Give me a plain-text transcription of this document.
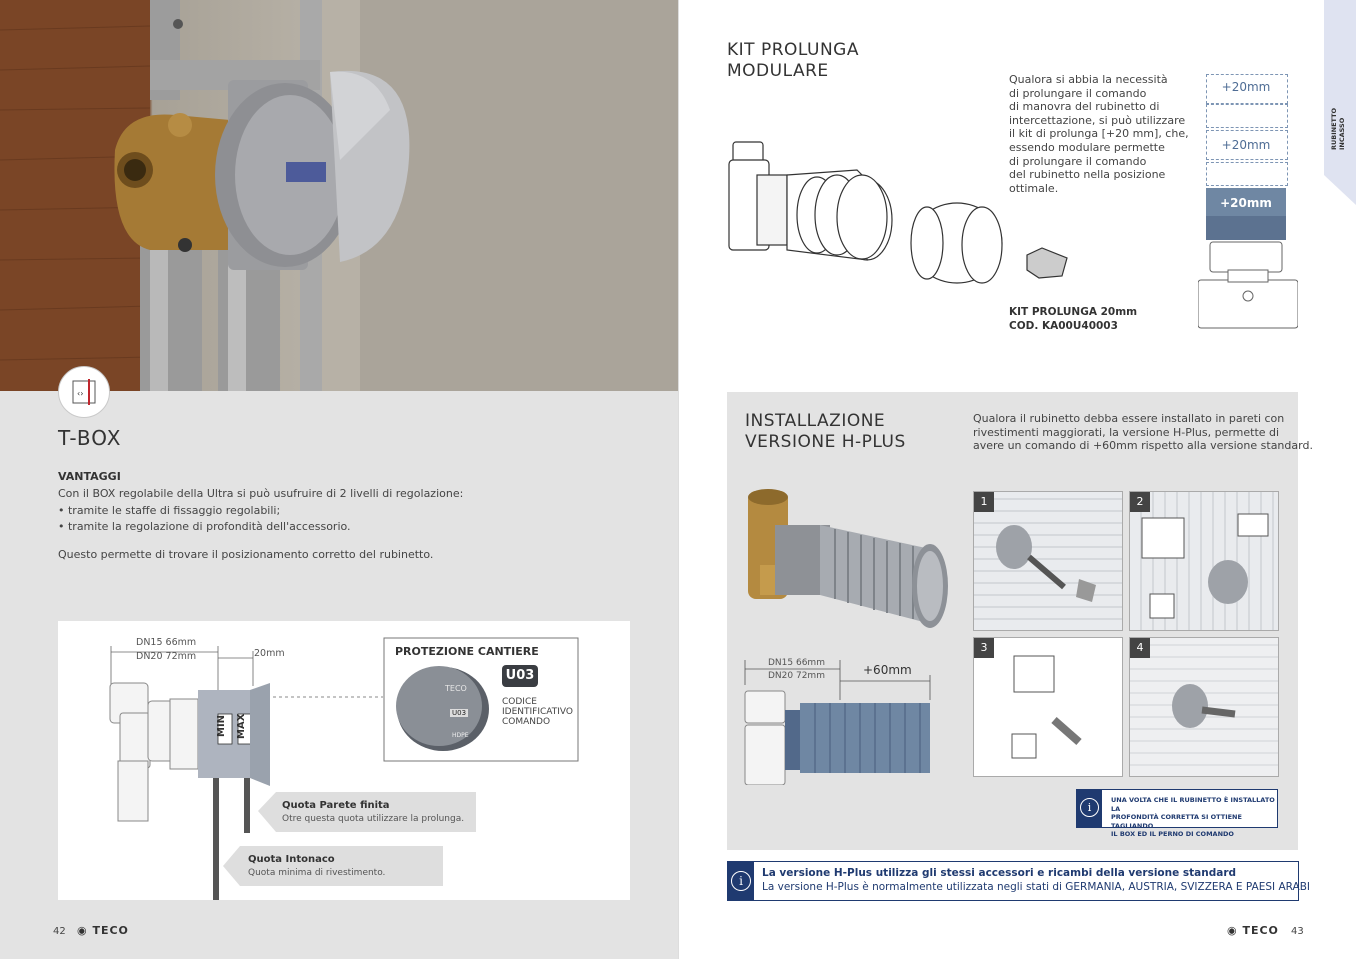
‹›
T-BOX
VANTAGGI
Con il BOX regolabile della Ultra si può usufruire di 2 livelli di regolazione:
• tramite le staffe di fissaggio regolabili;
• tramite la regolazione di profondità dell'accessorio.
Questo permette di trovare il posizionamento corretto del rubinetto.
DN15 66mm
DN20 72mm	20mm
MIN MAX
PROTEZIONE CANTIERE
U03
TECO
U03
HDPE
CODICE
IDENTIFICATIVO
COMANDO
Quota Parete finita
Otre questa quota utilizzare la prolunga.
Quota Intonaco
Quota minima di rivestimento.
42 ◉ TECO
RUBINETTO INCASSO
KIT PROLUNGA
MODULARE	Qualora si abbia la necessità
di prolungare il comando
di manovra del rubinetto di
intercettazione, si può utilizzare
il kit di prolunga [+20 mm], che,
essendo modulare permette
di prolungare il comando
del rubinetto nella posizione
ottimale.
KIT PROLUNGA 20mm
COD. KA00U40003
+20mm
+20mm
+20mm
INSTALLAZIONE
VERSIONE H-PLUS
Qualora il rubinetto debba essere installato in pareti con
rivestimenti maggiorati, la versione H-Plus, permette di
avere un comando di +60mm rispetto alla versione standard.
DN15 66mm
DN20 72mm	+60mm
1	2
3	4
i
UNA VOLTA CHE IL RUBINETTO È INSTALLATO LA
PROFONDITÀ CORRETTA SI OTTIENE TAGLIANDO
IL BOX ED IL PERNO DI COMANDO
i
La versione H-Plus utilizza gli stessi accessori e ricambi della versione standard
La versione H-Plus è normalmente utilizzata negli stati di GERMANIA, AUSTRIA, SVIZZERA E PAESI ARABI
◉ TECO 43
